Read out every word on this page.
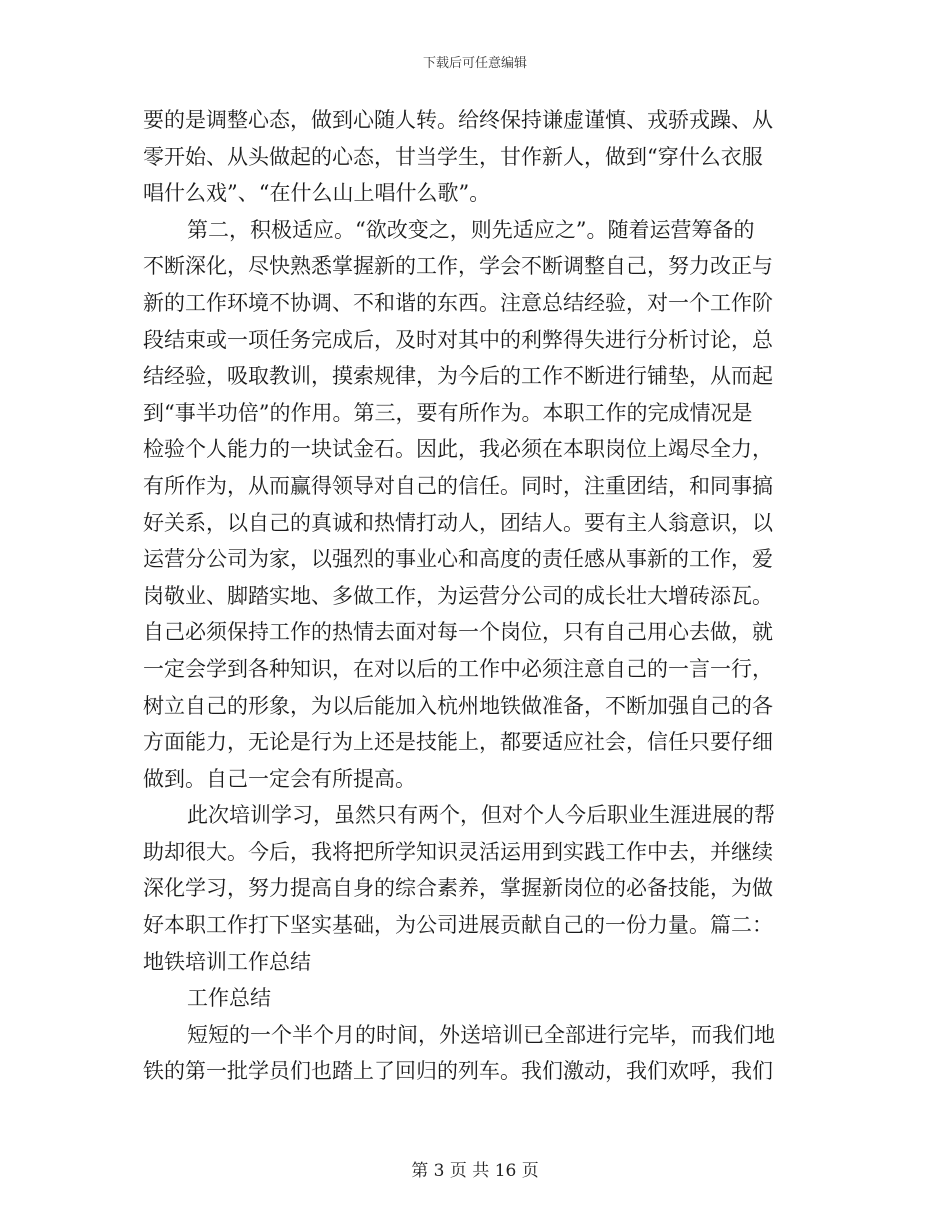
下载后可任意编辑
要的是调整心态，做到心随人转。给终保持谦虚谨慎、戎骄戎躁、从
零开始、从头做起的心态，甘当学生，甘作新人，做到“穿什么衣服
唱什么戏”、“在什么山上唱什么歌”。
第二，积极适应。“欲改变之，则先适应之”。随着运营筹备的
不断深化，尽快熟悉掌握新的工作，学会不断调整自己，努力改正与
新的工作环境不协调、不和谐的东西。注意总结经验，对一个工作阶
段结束或一项任务完成后，及时对其中的利弊得失进行分析讨论，总
结经验，吸取教训，摸索规律，为今后的工作不断进行铺垫，从而起
到“事半功倍”的作用。第三，要有所作为。本职工作的完成情况是
检验个人能力的一块试金石。因此，我必须在本职岗位上竭尽全力，
有所作为，从而赢得领导对自己的信任。同时，注重团结，和同事搞
好关系，以自己的真诚和热情打动人，团结人。要有主人翁意识，以
运营分公司为家，以强烈的事业心和高度的责任感从事新的工作，爱
岗敬业、脚踏实地、多做工作，为运营分公司的成长壮大增砖添瓦。
自己必须保持工作的热情去面对每一个岗位，只有自己用心去做，就
一定会学到各种知识，在对以后的工作中必须注意自己的一言一行，
树立自己的形象，为以后能加入杭州地铁做准备，不断加强自己的各
方面能力，无论是行为上还是技能上，都要适应社会，信任只要仔细
做到。自己一定会有所提高。
此次培训学习，虽然只有两个，但对个人今后职业生涯进展的帮
助却很大。今后，我将把所学知识灵活运用到实践工作中去，并继续
深化学习，努力提高自身的综合素养，掌握新岗位的必备技能，为做
好本职工作打下坚实基础，为公司进展贡献自己的一份力量。篇二：
地铁培训工作总结
工作总结
短短的一个半个月的时间，外送培训已全部进行完毕，而我们地
铁的第一批学员们也踏上了回归的列车。我们激动，我们欢呼，我们
第 3 页 共 16 页
